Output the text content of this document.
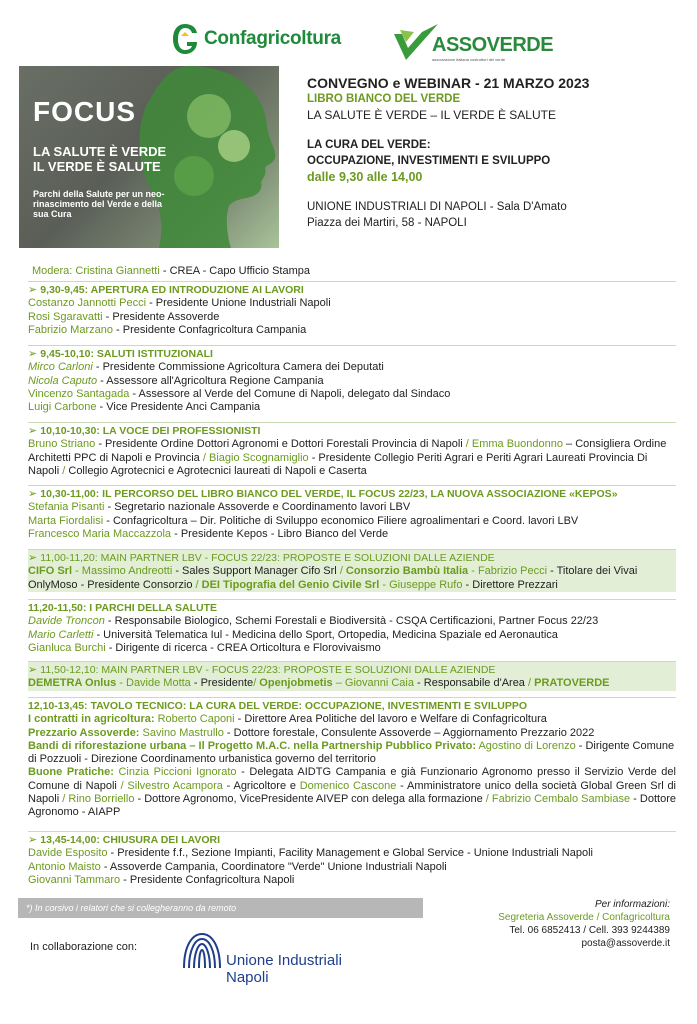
Confagricoltura	ASSOVERDE
associazione italiana costruttori del verde
FOCUS
LA SALUTE È VERDE
IL VERDE È SALUTE
Parchi della Salute per un neo-rinascimento del Verde e della sua Cura
CONVEGNO e WEBINAR - 21 MARZO 2023
LIBRO BIANCO DEL VERDE
LA SALUTE È VERDE – IL VERDE È SALUTE
LA CURA DEL VERDE:
OCCUPAZIONE, INVESTIMENTI E SVILUPPO
dalle 9,30 alle 14,00
UNIONE INDUSTRIALI DI NAPOLI - Sala D'Amato
Piazza dei Martiri, 58 - NAPOLI
Modera: Cristina Giannetti - CREA - Capo Ufficio Stampa
➢ 9,30-9,45: APERTURA ED INTRODUZIONE AI LAVORI
Costanzo Jannotti Pecci - Presidente Unione Industriali Napoli
Rosi Sgaravatti - Presidente Assoverde
Fabrizio Marzano - Presidente Confagricoltura Campania
➢ 9,45-10,10: SALUTI ISTITUZIONALI
Mirco Carloni - Presidente Commissione Agricoltura Camera dei Deputati
Nicola Caputo - Assessore all'Agricoltura Regione Campania
Vincenzo Santagada - Assessore al Verde del Comune di Napoli, delegato dal Sindaco
Luigi Carbone - Vice Presidente Anci Campania
➢ 10,10-10,30: LA VOCE DEI PROFESSIONISTI
Bruno Striano - Presidente Ordine Dottori Agronomi e Dottori Forestali Provincia di Napoli / Emma Buondonno – Consigliera Ordine Architetti PPC di Napoli e Provincia / Biagio Scognamiglio - Presidente Collegio Periti Agrari e Periti Agrari Laureati Provincia Di Napoli / Collegio Agrotecnici e Agrotecnici laureati di Napoli e Caserta
➢ 10,30-11,00: IL PERCORSO DEL LIBRO BIANCO DEL VERDE, IL FOCUS 22/23, LA NUOVA ASSOCIAZIONE «KEPOS»
Stefania Pisanti - Segretario nazionale Assoverde e Coordinamento lavori LBV
Marta Fiordalisi - Confagricoltura – Dir. Politiche di Sviluppo economico Filiere agroalimentari e Coord. lavori LBV
Francesco Maria Maccazzola - Presidente Kepos - Libro Bianco del Verde
➢ 11,00-11,20: MAIN PARTNER LBV - FOCUS 22/23: PROPOSTE E SOLUZIONI DALLE AZIENDE
CIFO Srl - Massimo Andreotti - Sales Support Manager Cifo Srl / Consorzio Bambù Italia - Fabrizio Pecci - Titolare dei Vivai OnlyMoso - Presidente Consorzio / DEI Tipografia del Genio Civile Srl - Giuseppe Rufo - Direttore Prezzari
11,20-11,50: I PARCHI DELLA SALUTE
Davide Troncon - Responsabile Biologico, Schemi Forestali e Biodiversità - CSQA Certificazioni, Partner Focus 22/23
Mario Carletti - Università Telematica Iul - Medicina dello Sport, Ortopedia, Medicina Spaziale ed Aeronautica
Gianluca Burchi - Dirigente di ricerca - CREA Orticoltura e Florovivaismo
➢ 11,50-12,10: MAIN PARTNER LBV - FOCUS 22/23: PROPOSTE E SOLUZIONI DALLE AZIENDE
DEMETRA Onlus - Davide Motta - Presidente/ Openjobmetis – Giovanni Caia - Responsabile d'Area / PRATOVERDE
12,10-13,45: TAVOLO TECNICO: LA CURA DEL VERDE: OCCUPAZIONE, INVESTIMENTI E SVILUPPO
I contratti in agricoltura: Roberto Caponi - Direttore Area Politiche del lavoro e Welfare di Confagricoltura
Prezzario Assoverde: Savino Mastrullo - Dottore forestale, Consulente Assoverde – Aggiornamento Prezzario 2022
Bandi di riforestazione urbana – Il Progetto M.A.C. nella Partnership Pubblico Privato: Agostino di Lorenzo - Dirigente Comune di Pozzuoli - Direzione Coordinamento urbanistica governo del territorio
Buone Pratiche: Cinzia Piccioni Ignorato - Delegata AIDTG Campania e già Funzionario Agronomo presso il Servizio Verde del Comune di Napoli / Silvestro Acampora - Agricoltore e Domenico Cascone - Amministratore unico della società Global Green Srl di Napoli / Rino Borriello - Dottore Agronomo, VicePresidente AIVEP con delega alla formazione / Fabrizio Cembalo Sambiase - Dottore Agronomo - AIAPP
➢ 13,45-14,00: CHIUSURA DEI LAVORI
Davide Esposito - Presidente f.f., Sezione Impianti, Facility Management e Global Service - Unione Industriali Napoli
Antonio Maisto - Assoverde Campania, Coordinatore "Verde" Unione Industriali Napoli
Giovanni Tammaro - Presidente Confagricoltura Napoli
*) In corsivo i relatori che si collegheranno da remoto	Per informazioni:
Segreteria Assoverde / Confagricoltura
Tel. 06 6852413 / Cell. 393 9244389
posta@assoverde.it
In collaborazione con:
Unione Industriali
Napoli
